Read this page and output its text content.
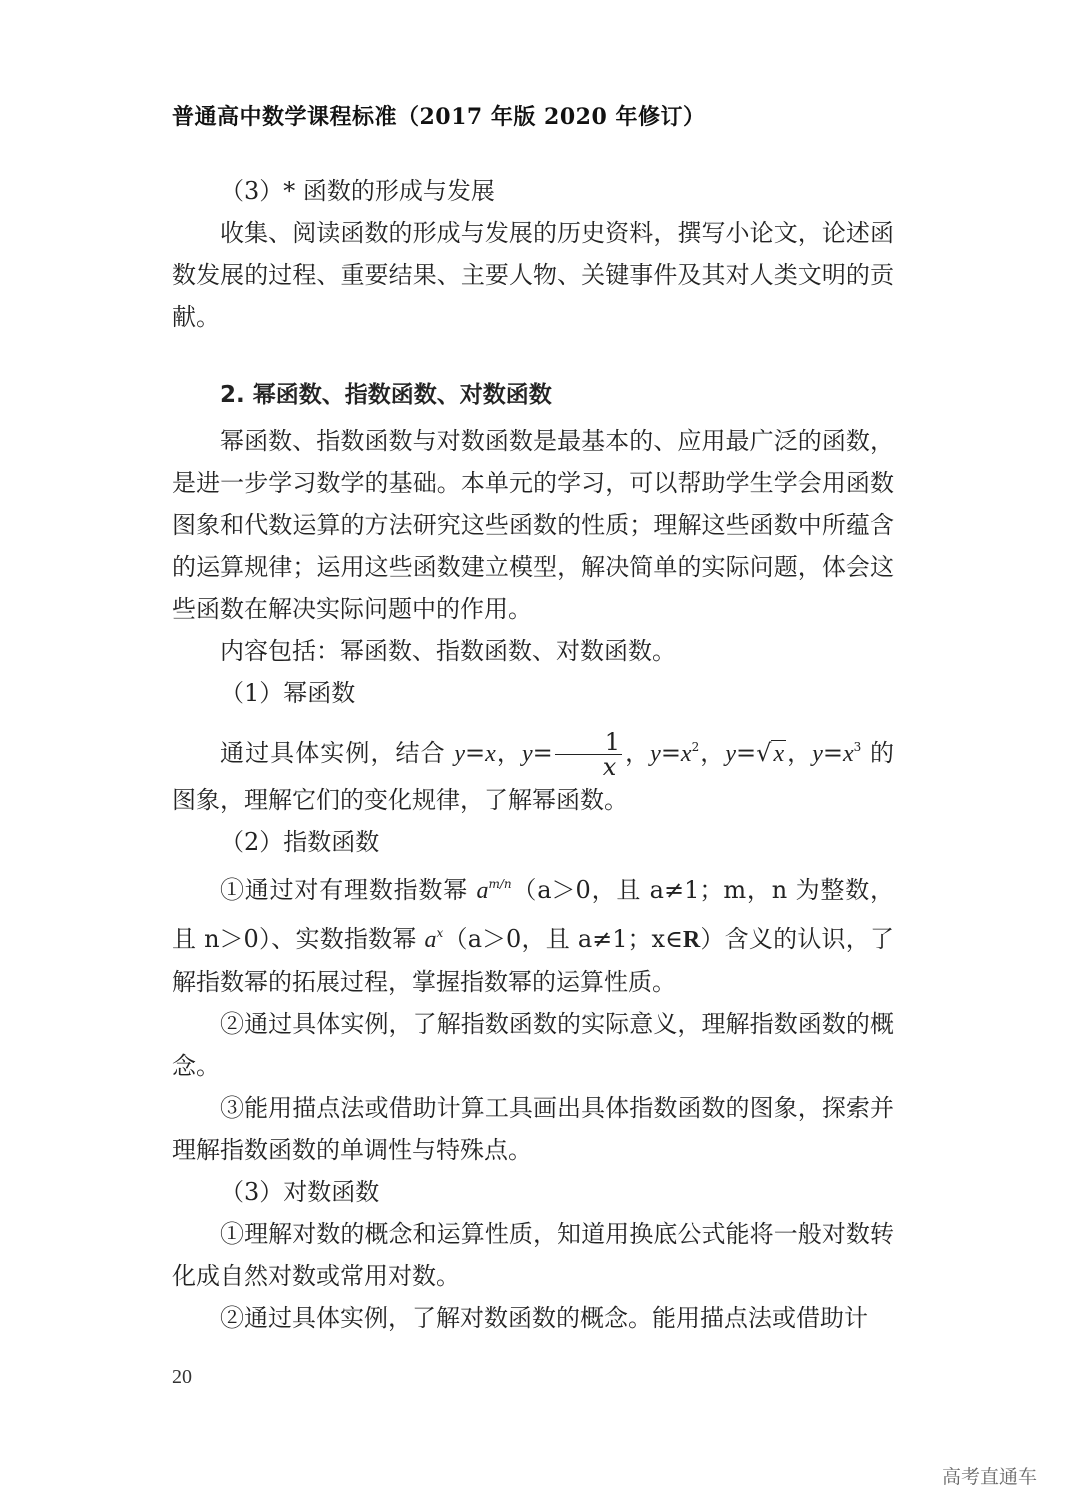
普通高中数学课程标准（2017 年版 2020 年修订）

（3）* 函数的形成与发展

收集、阅读函数的形成与发展的历史资料，撰写小论文，论述函数发展的过程、重要结果、主要人物、关键事件及其对人类文明的贡献。

2. 幂函数、指数函数、对数函数

幂函数、指数函数与对数函数是最基本的、应用最广泛的函数，是进一步学习数学的基础。本单元的学习，可以帮助学生学会用函数图象和代数运算的方法研究这些函数的性质；理解这些函数中所蕴含的运算规律；运用这些函数建立模型，解决简单的实际问题，体会这些函数在解决实际问题中的作用。

内容包括：幂函数、指数函数、对数函数。

（1）幂函数

通过具体实例，结合 y=x，$y= \frac{1}{x}$ ，$y=x^2$，y=√x，$y=x^3$ 的图象，理解它们的变化规律，了解幂函数。

（2）指数函数

①通过对有理数指数幂 $a^{m/n}(a>0$，且 a≠1；m，n 为整数，且 n＞0）、实数指数幂 $a^x(a>0$，且 a≠1；x∈R）含义的认识，了解指数幂的拓展过程，掌握指数幂的运算性质。

②通过具体实例，了解指数函数的实际意义，理解指数函数的概念。

③能用描点法或借助计算工具画出具体指数函数的图象，探索并理解指数函数的单调性与特殊点。

（3）对数函数

①理解对数的概念和运算性质，知道用换底公式能将一般对数转化成自然对数或常用对数。

②通过具体实例，了解对数函数的概念。能用描点法或借助计

20
高考直通车
